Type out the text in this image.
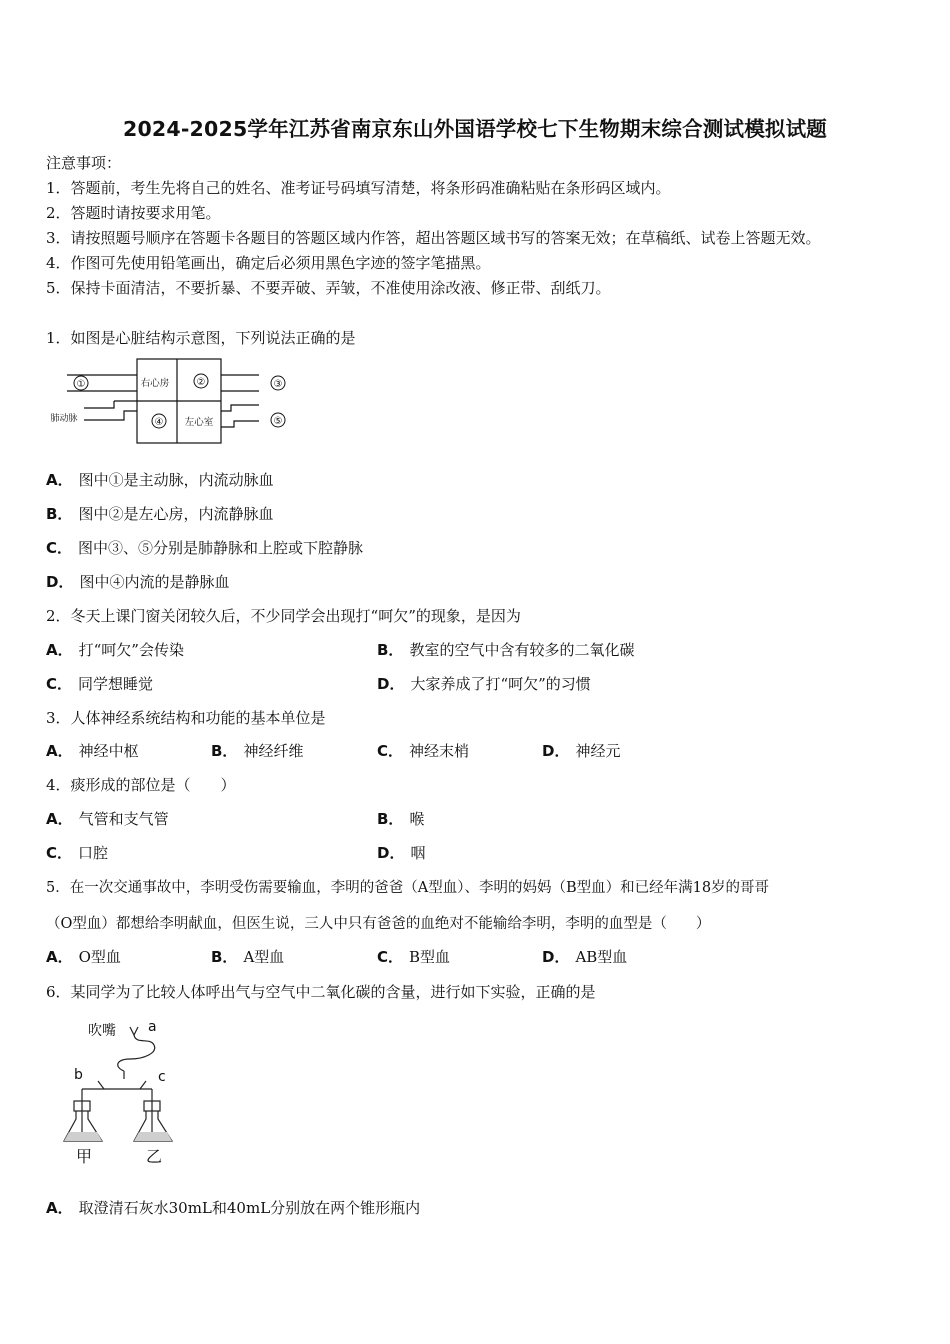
2024-2025学年江苏省南京东山外国语学校七下生物期末综合测试模拟试题
注意事项：
1．答题前，考生先将自己的姓名、准考证号码填写清楚，将条形码准确粘贴在条形码区域内。
2．答题时请按要求用笔。
3．请按照题号顺序在答题卡各题目的答题区域内作答，超出答题区域书写的答案无效；在草稿纸、试卷上答题无效。
4．作图可先使用铅笔画出，确定后必须用黑色字迹的签字笔描黑。
5．保持卡面清洁，不要折暴、不要弄破、弄皱，不准使用涂改液、修正带、刮纸刀。
1．如图是心脏结构示意图，下列说法正确的是
①	②	③
④	⑤
右心房
左心室
肺动脉
A． 图中①是主动脉，内流动脉血
B． 图中②是左心房，内流静脉血
C． 图中③、⑤分别是肺静脉和上腔或下腔静脉
D． 图中④内流的是静脉血
2．冬天上课门窗关闭较久后，不少同学会出现打“呵欠”的现象，是因为
A． 打“呵欠”会传染	B． 教室的空气中含有较多的二氧化碳
C． 同学想睡觉	D． 大家养成了打“呵欠”的习惯
3．人体神经系统结构和功能的基本单位是
A． 神经中枢	B． 神经纤维	C． 神经末梢	D． 神经元
4．痰形成的部位是（　　）
A． 气管和支气管	B． 喉
C． 口腔	D． 咽
5．在一次交通事故中，李明受伤需要输血，李明的爸爸（A型血）、李明的妈妈（B型血）和已经年满18岁的哥哥
（O型血）都想给李明献血，但医生说，三人中只有爸爸的血绝对不能输给李明，李明的血型是（　　）
A． O型血	B． A型血	C． B型血	D． AB型血
6．某同学为了比较人体呼出气与空气中二氧化碳的含量，进行如下实验，正确的是
吹嘴 a
b	c
甲	乙
A． 取澄清石灰水30mL和40mL分别放在两个锥形瓶内
